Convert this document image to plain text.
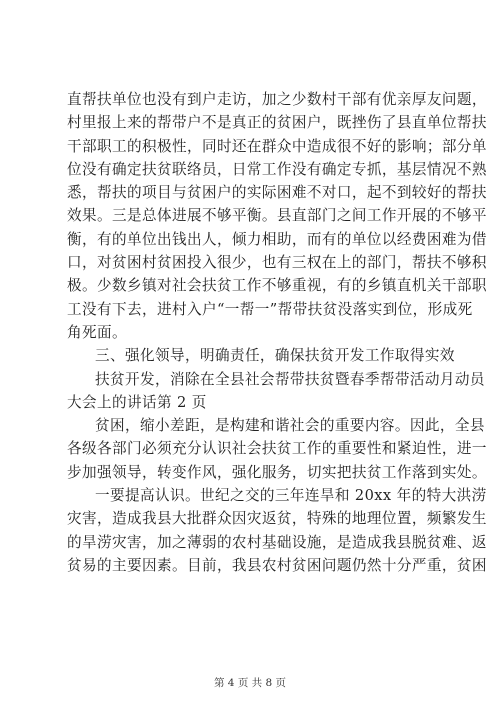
直帮扶单位也没有到户走访，加之少数村干部有优亲厚友问题，
村里报上来的帮带户不是真正的贫困户，既挫伤了县直单位帮扶
干部职工的积极性，同时还在群众中造成很不好的影响；部分单
位没有确定扶贫联络员，日常工作没有确定专抓，基层情况不熟
悉，帮扶的项目与贫困户的实际困难不对口，起不到较好的帮扶
效果。三是总体进展不够平衡。县直部门之间工作开展的不够平
衡，有的单位出钱出人，倾力相助，而有的单位以经费困难为借
口，对贫困村贫困投入很少，也有三权在上的部门，帮扶不够积
极。少数乡镇对社会扶贫工作不够重视，有的乡镇直机关干部职
工没有下去，进村入户“一帮一”帮带扶贫没落实到位，形成死
角死面。
三、强化领导，明确责任，确保扶贫开发工作取得实效
扶贫开发，消除在全县社会帮带扶贫暨春季帮带活动月动员
大会上的讲话第 2 页
贫困，缩小差距，是构建和谐社会的重要内容。因此，全县
各级各部门必须充分认识社会扶贫工作的重要性和紧迫性，进一
步加强领导，转变作风，强化服务，切实把扶贫工作落到实处。
一要提高认识。世纪之交的三年连旱和 20xx 年的特大洪涝
灾害，造成我县大批群众因灾返贫，特殊的地理位置，频繁发生
的旱涝灾害，加之薄弱的农村基础设施，是造成我县脱贫难、返
贫易的主要因素。目前，我县农村贫困问题仍然十分严重，贫困
第 4 页 共 8 页
